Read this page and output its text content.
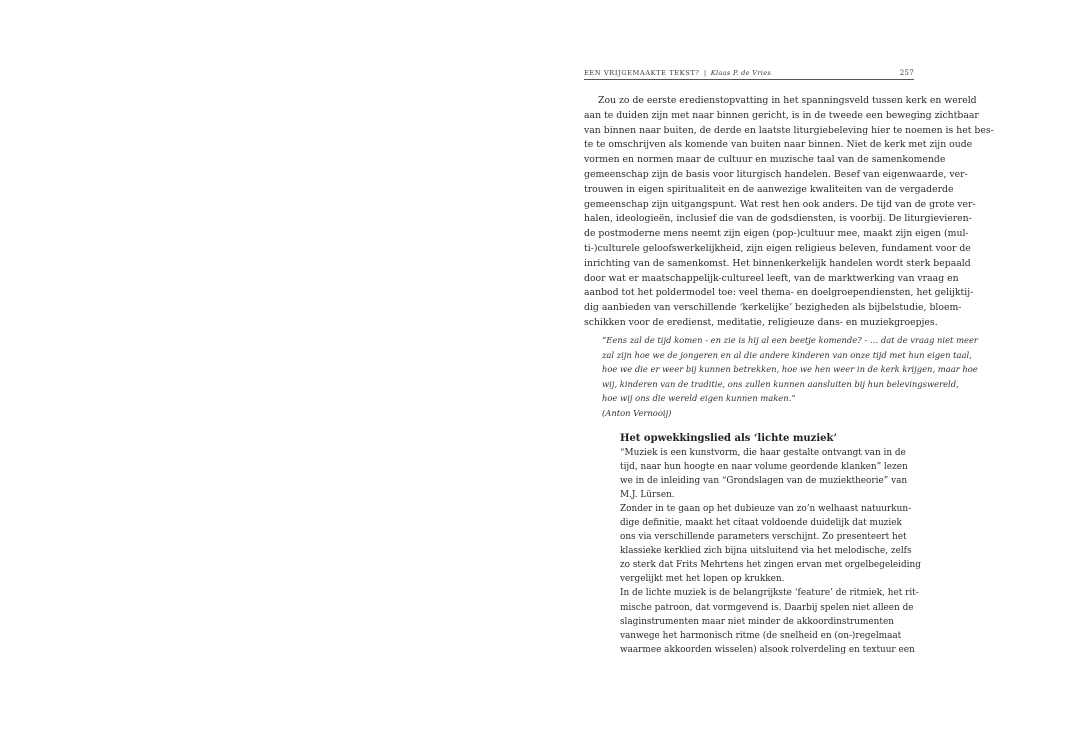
EEN VRIJGEMAAKTE TEKST? | Klaas P. de Vries	257
Zou zo de eerste eredienstopvatting in het spanningsveld tussen kerk en wereld
aan te duiden zijn met naar binnen gericht, is in de tweede een beweging zichtbaar
van binnen naar buiten, de derde en laatste liturgiebeleving hier te noemen is het bes-
te te omschrijven als komende van buiten naar binnen. Niet de kerk met zijn oude
vormen en normen maar de cultuur en muzische taal van de samenkomende
gemeenschap zijn de basis voor liturgisch handelen. Besef van eigenwaarde, ver-
trouwen in eigen spiritualiteit en de aanwezige kwaliteiten van de vergaderde
gemeenschap zijn uitgangspunt. Wat rest hen ook anders. De tijd van de grote ver-
halen, ideologieën, inclusief die van de godsdiensten, is voorbij. De liturgievieren-
de postmoderne mens neemt zijn eigen (pop-)cultuur mee, maakt zijn eigen (mul-
ti-)culturele geloofswerkelijkheid, zijn eigen religieus beleven, fundament voor de
inrichting van de samenkomst. Het binnenkerkelijk handelen wordt sterk bepaald
door wat er maatschappelijk-cultureel leeft, van de marktwerking van vraag en
aanbod tot het poldermodel toe: veel thema- en doelgroependiensten, het gelijktij-
dig aanbieden van verschillende ‘kerkelijke’ bezigheden als bijbelstudie, bloem-
schikken voor de eredienst, meditatie, religieuze dans- en muziekgroepjes.
“Eens zal de tijd komen - en zie is hij al een beetje komende? - … dat de vraag niet meer
zal zijn hoe we de jongeren en al die andere kinderen van onze tijd met hun eigen taal,
hoe we die er weer bij kunnen betrekken, hoe we hen weer in de kerk krijgen, maar hoe
wij, kinderen van de traditie, ons zullen kunnen aansluiten bij hun belevingswereld,
hoe wij ons die wereld eigen kunnen maken.”
(Anton Vernooij)
Het opwekkingslied als ‘lichte muziek’
“Muziek is een kunstvorm, die haar gestalte ontvangt van in de
tijd, naar hun hoogte en naar volume geordende klanken” lezen
we in de inleiding van “Grondslagen van de muziektheorie” van
M.J. Lürsen.
Zonder in te gaan op het dubieuze van zo’n welhaast natuurkun-
dige definitie, maakt het citaat voldoende duidelijk dat muziek
ons via verschillende parameters verschijnt. Zo presenteert het
klassieke kerklied zich bijna uitsluitend via het melodische, zelfs
zo sterk dat Frits Mehrtens het zingen ervan met orgelbegeleiding
vergelijkt met het lopen op krukken.
In de lichte muziek is de belangrijkste ‘feature’ de ritmiek, het rit-
mische patroon, dat vormgevend is. Daarbij spelen niet alleen de
slaginstrumenten maar niet minder de akkoordinstrumenten
vanwege het harmonisch ritme (de snelheid en (on-)regelmaat
waarmee akkoorden wisselen) alsook rolverdeling en textuur een
